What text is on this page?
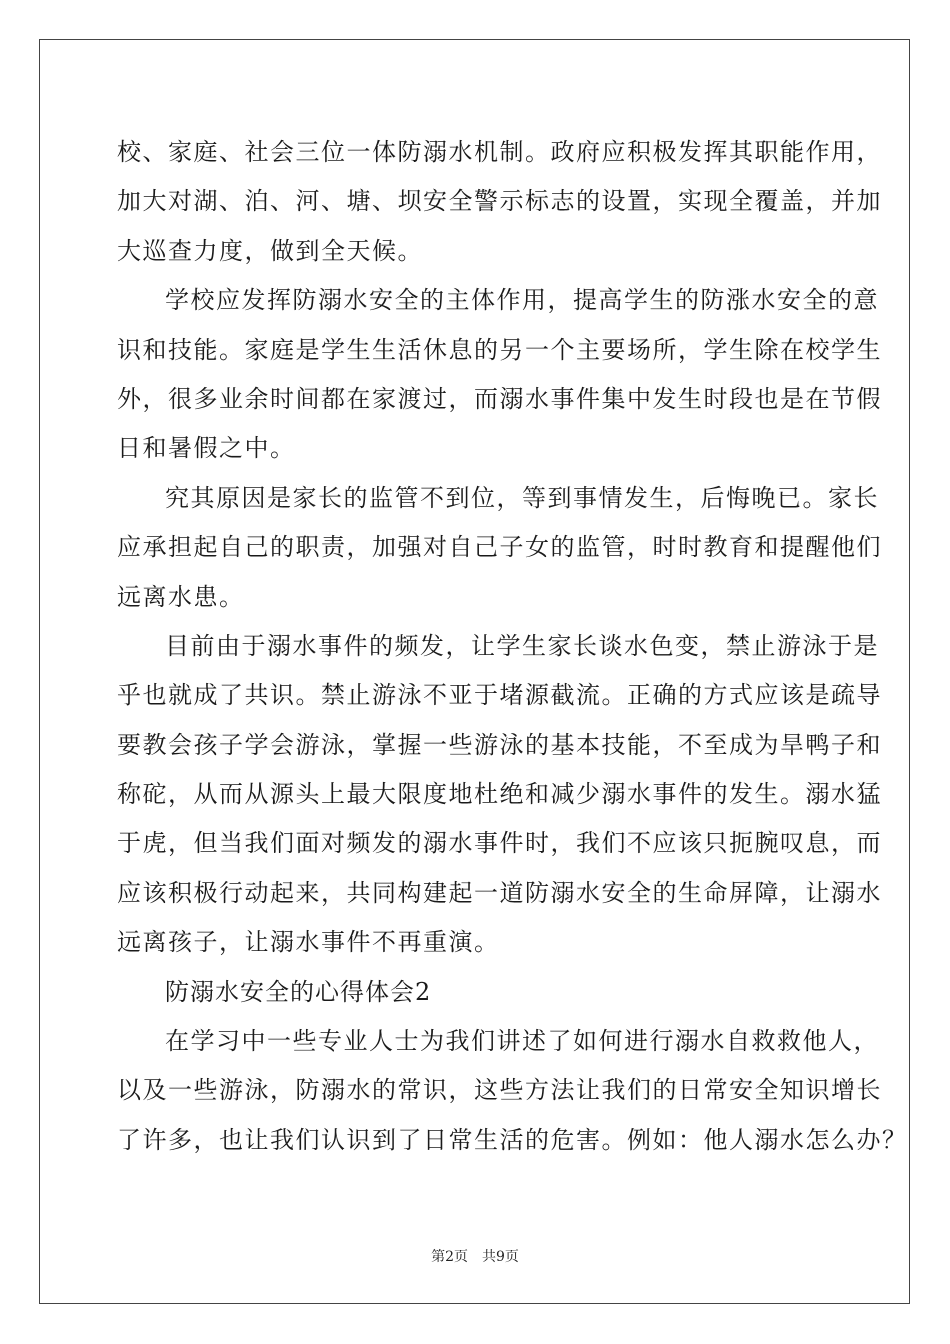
校、家庭、社会三位一体防溺水机制。政府应积极发挥其职能作用，
加大对湖、泊、河、塘、坝安全警示标志的设置，实现全覆盖，并加
大巡查力度，做到全天候。
学校应发挥防溺水安全的主体作用，提高学生的防涨水安全的意
识和技能。家庭是学生生活休息的另一个主要场所，学生除在校学生
外，很多业余时间都在家渡过，而溺水事件集中发生时段也是在节假
日和暑假之中。
究其原因是家长的监管不到位，等到事情发生，后悔晚已。家长
应承担起自己的职责，加强对自己子女的监管，时时教育和提醒他们
远离水患。
目前由于溺水事件的频发，让学生家长谈水色变，禁止游泳于是
乎也就成了共识。禁止游泳不亚于堵源截流。正确的方式应该是疏导
要教会孩子学会游泳，掌握一些游泳的基本技能，不至成为旱鸭子和
称砣，从而从源头上最大限度地杜绝和减少溺水事件的发生。溺水猛
于虎，但当我们面对频发的溺水事件时，我们不应该只扼腕叹息，而
应该积极行动起来，共同构建起一道防溺水安全的生命屏障，让溺水
远离孩子，让溺水事件不再重演。
防溺水安全的心得体会2
在学习中一些专业人士为我们讲述了如何进行溺水自救救他人，
以及一些游泳，防溺水的常识，这些方法让我们的日常安全知识增长
了许多，也让我们认识到了日常生活的危害。例如：他人溺水怎么办？
第2页 共9页
